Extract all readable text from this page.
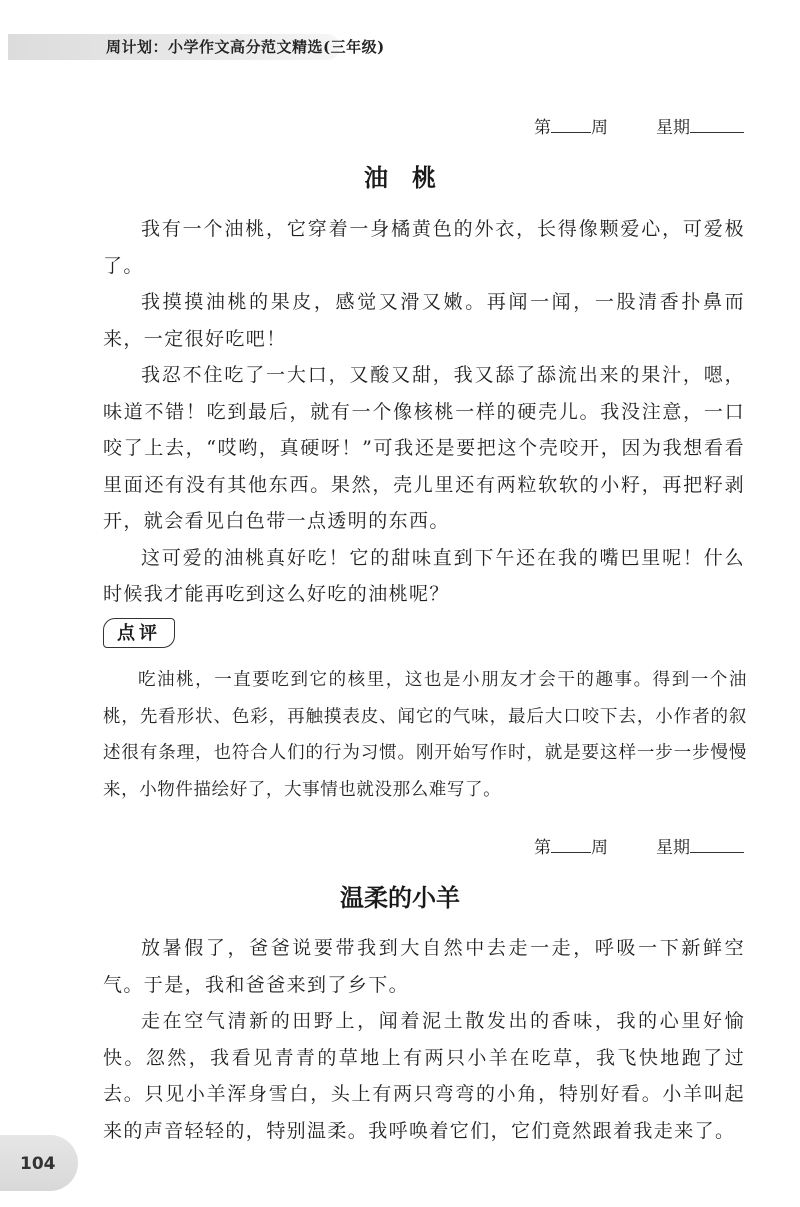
周计划：小学作文高分范文精选(三年级)
第 周	星期
油　桃

我有一个油桃，它穿着一身橘黄色的外衣，长得像颗爱心，可爱极了。

我摸摸油桃的果皮，感觉又滑又嫩。再闻一闻，一股清香扑鼻而来，一定很好吃吧！

我忍不住吃了一大口，又酸又甜，我又舔了舔流出来的果汁，嗯，味道不错！吃到最后，就有一个像核桃一样的硬壳儿。我没注意，一口咬了上去，“哎哟，真硬呀！”可我还是要把这个壳咬开，因为我想看看里面还有没有其他东西。果然，壳儿里还有两粒软软的小籽，再把籽剥开，就会看见白色带一点透明的东西。

这可爱的油桃真好吃！它的甜味直到下午还在我的嘴巴里呢！什么时候我才能再吃到这么好吃的油桃呢？

点评

吃油桃，一直要吃到它的核里，这也是小朋友才会干的趣事。得到一个油桃，先看形状、色彩，再触摸表皮、闻它的气味，最后大口咬下去，小作者的叙述很有条理，也符合人们的行为习惯。刚开始写作时，就是要这样一步一步慢慢来，小物件描绘好了，大事情也就没那么难写了。

第 周	星期
温柔的小羊

放暑假了，爸爸说要带我到大自然中去走一走，呼吸一下新鲜空气。于是，我和爸爸来到了乡下。

走在空气清新的田野上，闻着泥土散发出的香味，我的心里好愉快。忽然，我看见青青的草地上有两只小羊在吃草，我飞快地跑了过去。只见小羊浑身雪白，头上有两只弯弯的小角，特别好看。小羊叫起来的声音轻轻的，特别温柔。我呼唤着它们，它们竟然跟着我走来了。

104
